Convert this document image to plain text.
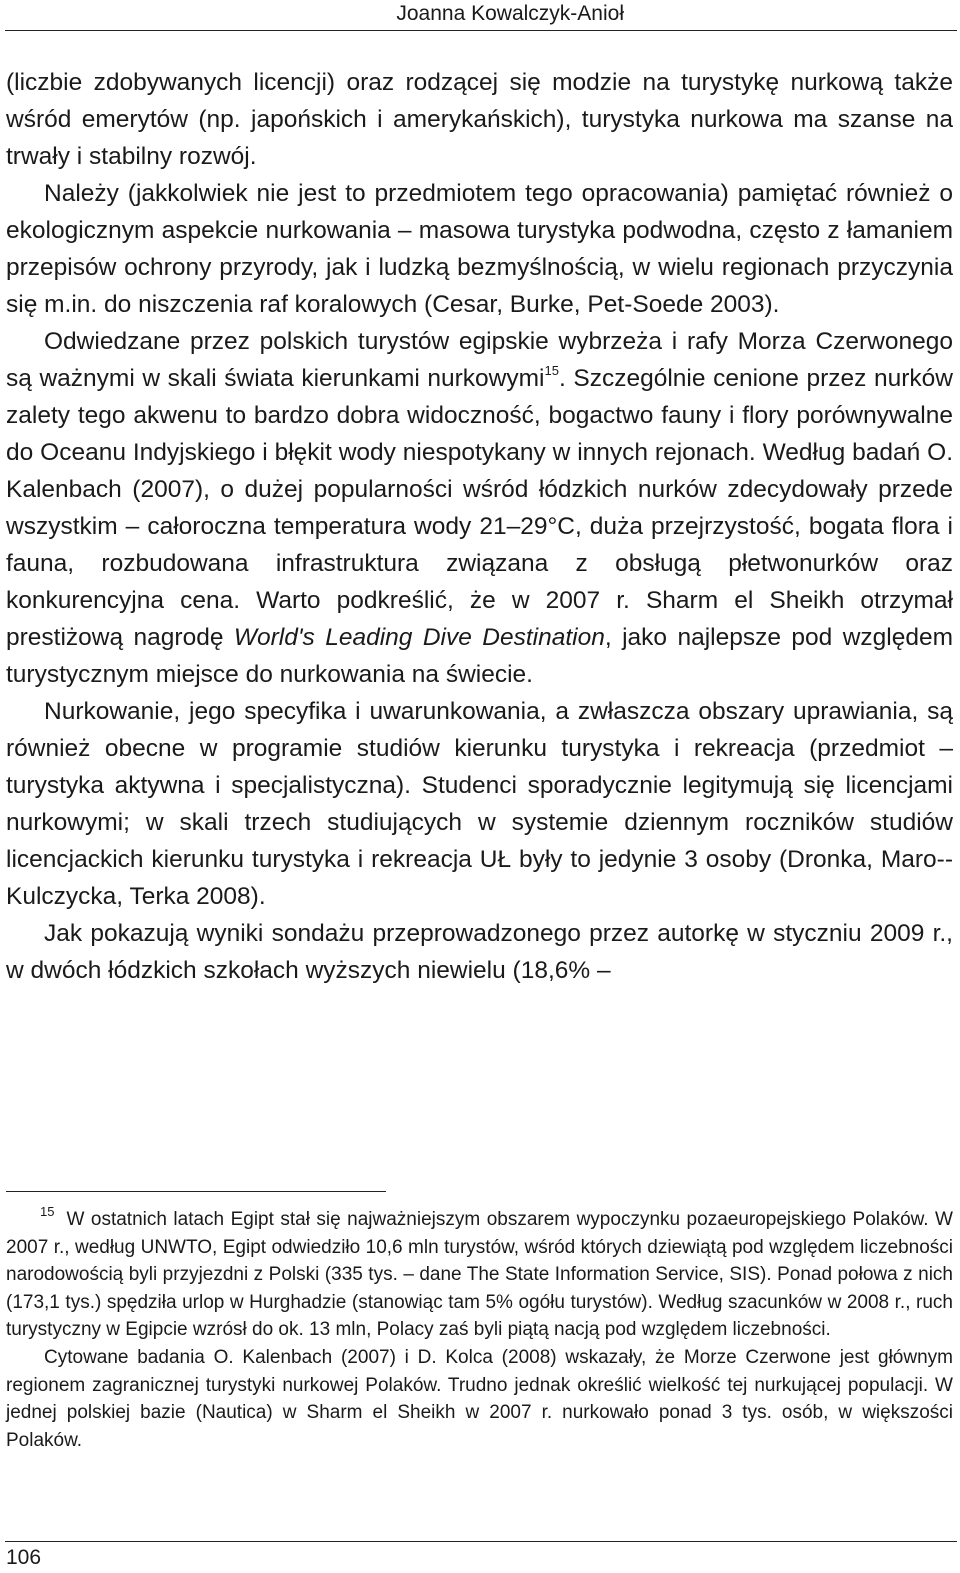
Joanna Kowalczyk-Anioł

(liczbie zdobywanych licencji) oraz rodzącej się modzie na turystykę nurkową także wśród emerytów (np. japońskich i amerykańskich), turystyka nurkowa ma szanse na trwały i stabilny rozwój.

Należy (jakkolwiek nie jest to przedmiotem tego opracowania) pamiętać również o ekologicznym aspekcie nurkowania – masowa turystyka podwodna, często z łamaniem przepisów ochrony przyrody, jak i ludzką bezmyślnością, w wielu regionach przyczynia się m.in. do niszczenia raf koralowych (Cesar, Burke, Pet-Soede 2003).

Odwiedzane przez polskich turystów egipskie wybrzeża i rafy Morza Czerwonego są ważnymi w skali świata kierunkami nurkowymi$^{15}$. Szczególnie cenione przez nurków zalety tego akwenu to bardzo dobra widoczność, bogactwo fauny i flory porównywalne do Oceanu Indyjskiego i błękit wody niespotykany w innych rejonach. Według badań O. Kalenbach (2007), o dużej popularności wśród łódzkich nurków zdecydowały przede wszystkim – całoroczna temperatura wody 21–29°C, duża przejrzystość, bogata flora i fauna, rozbudowana infrastruktura związana z obsługą płetwonurków oraz konkurencyjna cena. Warto podkreślić, że w 2007 r. Sharm el Sheikh otrzymał prestiżową nagrodę World's Leading Dive Destination, jako najlepsze pod względem turystycznym miejsce do nurkowania na świecie.

Nurkowanie, jego specyfika i uwarunkowania, a zwłaszcza obszary uprawiania, są również obecne w programie studiów kierunku turystyka i rekreacja (przedmiot – turystyka aktywna i specjalistyczna). Studenci sporadycznie legitymują się licencjami nurkowymi; w skali trzech studiujących w systemie dziennym roczników studiów licencjackich kierunku turystyka i rekreacja UŁ były to jedynie 3 osoby (Dronka, Maro-Kulczycka, Terka 2008).

Jak pokazują wyniki sondażu przeprowadzonego przez autorkę w styczniu 2009 r., w dwóch łódzkich szkołach wyższych niewielu (18,6% –

$^{15}$ W ostatnich latach Egipt stał się najważniejszym obszarem wypoczynku pozaeuropejskiego Polaków. W 2007 r., według UNWTO, Egipt odwiedziło 10,6 mln turystów, wśród których dziewiątą pod względem liczebności narodowością byli przyjezdni z Polski (335 tys. – dane The State Information Service, SIS). Ponad połowa z nich (173,1 tys.) spędziła urlop w Hurghadzie (stanowiąc tam 5% ogółu turystów). Według szacunków w 2008 r., ruch turystyczny w Egipcie wzrósł do ok. 13 mln, Polacy zaś byli piątą nacją pod względem liczebności.

Cytowane badania O. Kalenbach (2007) i D. Kolca (2008) wskazały, że Morze Czerwone jest głównym regionem zagranicznej turystyki nurkowej Polaków. Trudno jednak określić wielkość tej nurkującej populacji. W jednej polskiej bazie (Nautica) w Sharm el Sheikh w 2007 r. nurkowało ponad 3 tys. osób, w większości Polaków.

106
